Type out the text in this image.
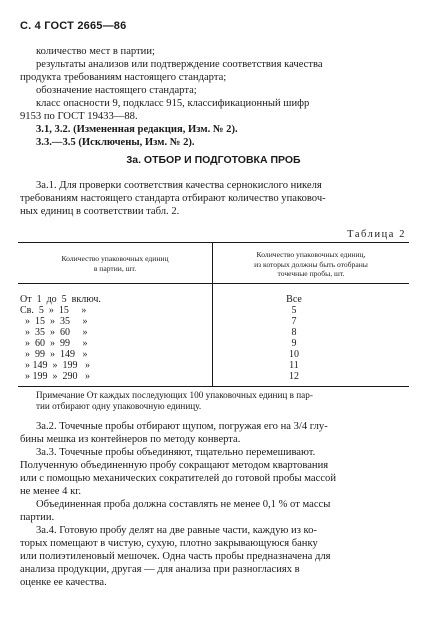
С. 4 ГОСТ 2665—86
количество мест в партии;
результаты анализов или подтверждение соответствия качества
продукта требованиям настоящего стандарта;
обозначение настоящего стандарта;
класс опасности 9, подкласс 915, классификационный шифр
9153 по ГОСТ 19433—88.
3.1, 3.2. (Измененная редакция, Изм. № 2).
3.3.—3.5 (Исключены, Изм. № 2).
3а. ОТБОР И ПОДГОТОВКА ПРОБ
3а.1. Для проверки соответствия качества сернокислого никеля
требованиям настоящего стандарта отбирают количество упаковоч-
ных единиц в соответствии табл. 2.
Таблица 2
Количество упаковочных единиц
в партии, шт.
Количество упаковочных единиц,
из которых должны быть отобраны
точечные пробы, шт.
От  1  до  5  включ.	Все
Св.  5  »  15     »	5
»  15  »  35     »	7
»  35  »  60     »	8
»  60  »  99     »	9
»  99  »  149   »	10
» 149  »  199   »	11
» 199  »  290   »	12
Примечание От каждых последующих 100 упаковочных единиц в пар-
тии отбирают одну упаковочную единицу.
3а.2. Точечные пробы отбирают щупом, погружая его на 3/4 глу-
бины мешка из контейнеров по методу конверта.
3а.3. Точечные пробы объединяют, тщательно перемешивают.
Полученную объединенную пробу сокращают методом квартования
или с помощью механических сократителей до готовой пробы массой
не менее 4 кг.
Объединенная проба должна составлять не менее 0,1 % от массы
партии.
3а.4. Готовую пробу делят на две равные части, каждую из ко-
торых помещают в чистую, сухую, плотно закрывающуюся банку
или полиэтиленовый мешочек. Одна часть пробы предназначена для
анализа продукции, другая — для анализа при разногласиях в
оценке ее качества.
